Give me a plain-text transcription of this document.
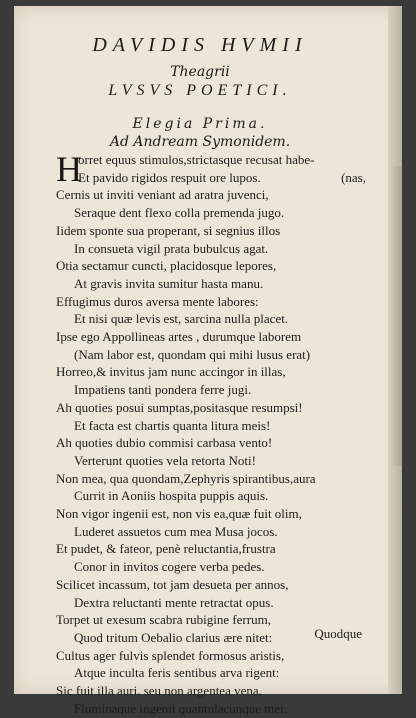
DAVIDIS HVMII
Theagrii
LVSVS POETICI.
Elegia Prima.
Ad Andream Symonidem.
H
orret equus stimulos,strictasque recusat habe-
Et pavido rigidos respuit ore lupos.	(nas,
Cernis ut inviti veniant ad aratra juvenci,
Seraque dent flexo colla premenda jugo.
Iidem sponte sua properant, si segnius illos
In consueta vigil prata bubulcus agat.
Otia sectamur cuncti, placidosque lepores,
At gravis invita sumitur hasta manu.
Effugimus duros aversa mente labores:
Et nisi quæ levis est, sarcina nulla placet.
Ipse ego Appollineas artes , durumque laborem
(Nam labor est, quondam qui mihi lusus erat)
Horreo,& invitus jam nunc accingor in illas,
Impatiens tanti pondera ferre jugi.
Ah quoties posui sumptas,positasque resumpsi!
Et facta est chartis quanta litura meis!
Ah quoties dubio commisi carbasa vento!
Verterunt quoties vela retorta Noti!
Non mea, qua quondam,Zephyris spirantibus,aura
Currit in Aoniis hospita puppis aquis.
Non vigor ingenii est, non vis ea,quæ fuit olim,
Luderet assuetos cum mea Musa jocos.
Et pudet, & fateor, penè reluctantia,frustra
Conor in invitos cogere verba pedes.
Scilicet incassum, tot jam desueta per annos,
Dextra reluctanti mente retractat opus.
Torpet ut exesum scabra rubigine ferrum,
Quod tritum Oebalio clarius ære nitet:
Cultus ager fulvis splendet formosus aristis,
Atque inculta feris sentibus arva rigent:
Sic fuit illa auri, seu non argentea vena,
Fluminaque ingenii quantulacunque mei:
Quodque
